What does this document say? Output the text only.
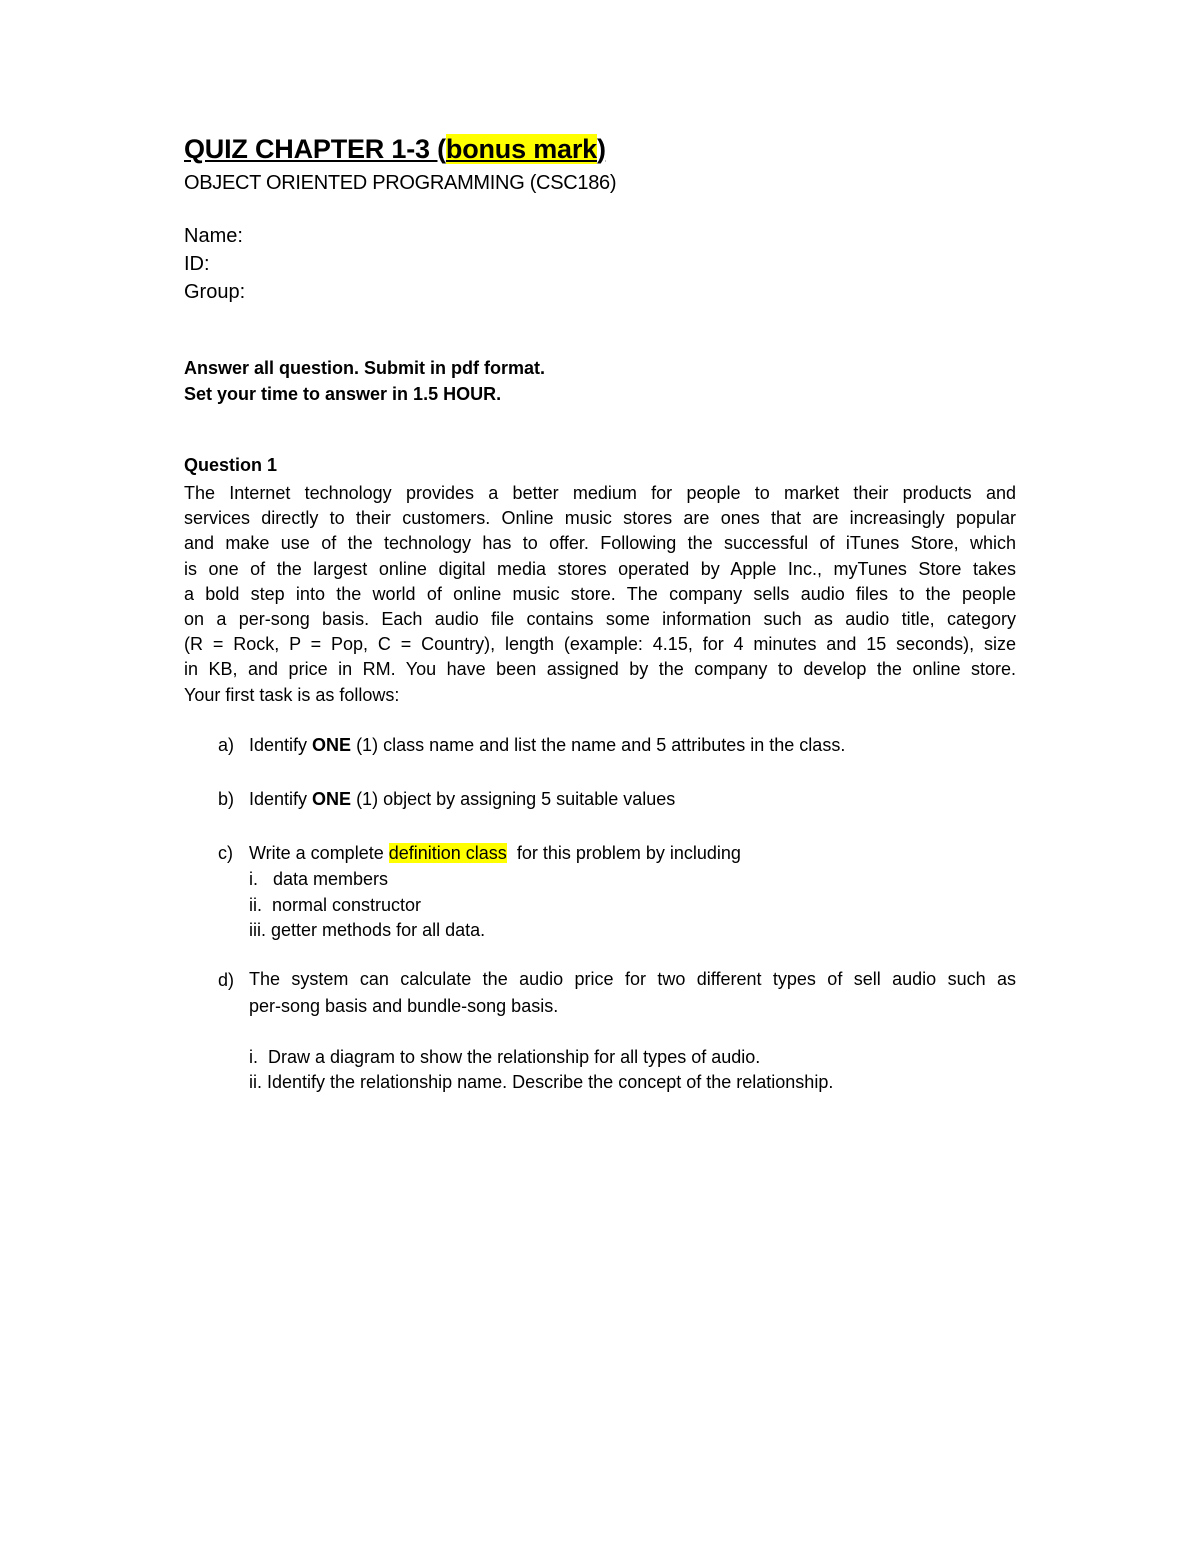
QUIZ CHAPTER 1-3 (bonus mark)
OBJECT ORIENTED PROGRAMMING (CSC186)
Name:
ID:
Group:
Answer all question. Submit in pdf format.
Set your time to answer in 1.5 HOUR.
Question 1
The Internet technology provides a better medium for people to market their products and
services directly to their customers. Online music stores are ones that are increasingly popular
and make use of the technology has to offer. Following the successful of iTunes Store, which
is one of the largest online digital media stores operated by Apple Inc., myTunes Store takes
a bold step into the world of online music store. The company sells audio files to the people
on a per-song basis. Each audio file contains some information such as audio title, category
(R = Rock, P = Pop, C = Country), length (example: 4.15, for 4 minutes and 15 seconds), size
in KB, and price in RM. You have been assigned by the company to develop the online store.
Your first task is as follows:
a) Identify ONE (1) class name and list the name and 5 attributes in the class.
b) Identify ONE (1) object by assigning 5 suitable values
c) Write a complete definition class  for this problem by including
i.   data members
ii.  normal constructor
iii. getter methods for all data.
d) The system can calculate the audio price for two different types of sell audio such as
per-song basis and bundle-song basis.
i.  Draw a diagram to show the relationship for all types of audio.
ii. Identify the relationship name. Describe the concept of the relationship.
